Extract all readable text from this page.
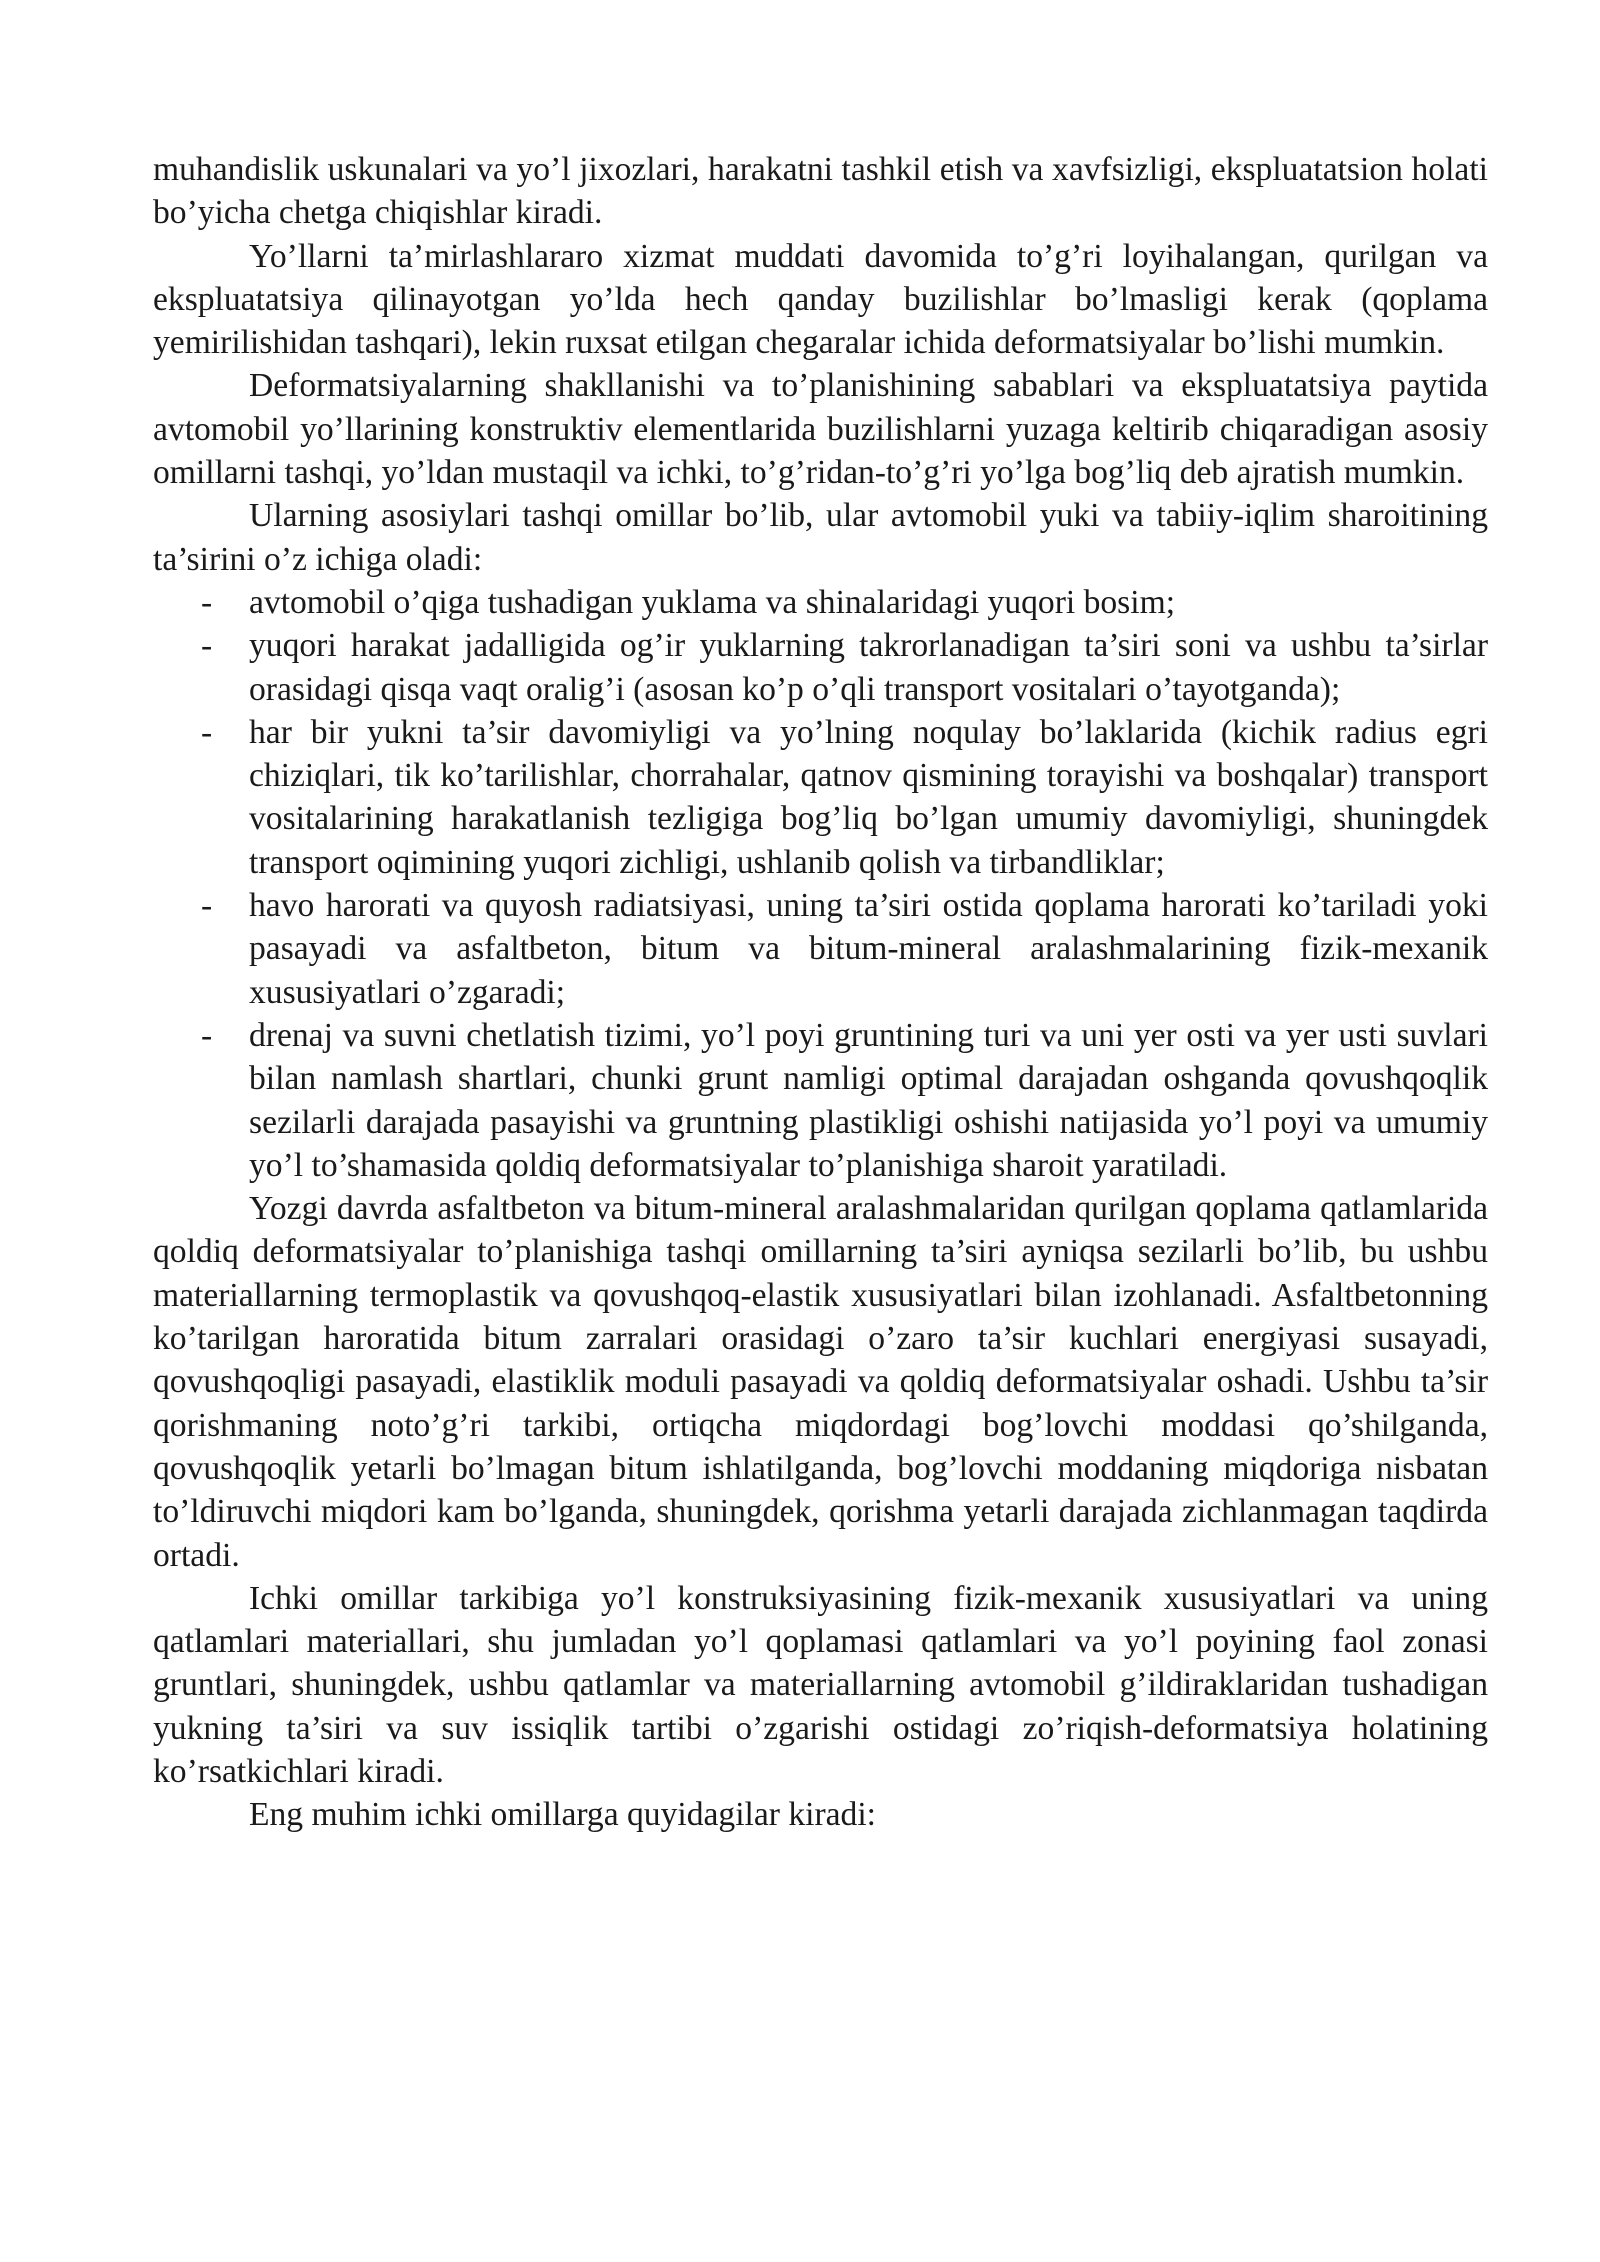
muhandislik uskunalari va yo’l jixozlari, harakatni tashkil etish va xavfsizligi, ekspluatatsion holati bo’yicha chetga chiqishlar kiradi.

Yo’llarni ta’mirlashlararo xizmat muddati davomida to’g’ri loyihalangan, qurilgan va ekspluatatsiya qilinayotgan yo’lda hech qanday buzilishlar bo’lmasligi kerak (qoplama yemirilishidan tashqari), lekin ruxsat etilgan chegaralar ichida deformatsiyalar bo’lishi mumkin.

Deformatsiyalarning shakllanishi va to’planishining sabablari va ekspluatatsiya paytida avtomobil yo’llarining konstruktiv elementlarida buzilishlarni yuzaga keltirib chiqaradigan asosiy omillarni tashqi, yo’ldan mustaqil va ichki, to’g’ridan-to’g’ri yo’lga bog’liq deb ajratish mumkin.

Ularning asosiylari tashqi omillar bo’lib, ular avtomobil yuki va tabiiy-iqlim sharoitining ta’sirini o’z ichiga oladi:

- avtomobil o’qiga tushadigan yuklama va shinalaridagi yuqori bosim;
- yuqori harakat jadalligida og’ir yuklarning takrorlanadigan ta’siri soni va ushbu ta’sirlar orasidagi qisqa vaqt oralig’i (asosan ko’p o’qli transport vositalari o’tayotganda);
- har bir yukni ta’sir davomiyligi va yo’lning noqulay bo’laklarida (kichik radius egri chiziqlari, tik ko’tarilishlar, chorrahalar, qatnov qismining torayishi va boshqalar) transport vositalarining harakatlanish tezligiga bog’liq bo’lgan umumiy davomiyligi, shuningdek transport oqimining yuqori zichligi, ushlanib qolish va tirbandliklar;
- havo harorati va quyosh radiatsiyasi, uning ta’siri ostida qoplama harorati ko’tariladi yoki pasayadi va asfaltbeton, bitum va bitum-mineral aralashmalarining fizik-mexanik xususiyatlari o’zgaradi;
- drenaj va suvni chetlatish tizimi, yo’l poyi gruntining turi va uni yer osti va yer usti suvlari bilan namlash shartlari, chunki grunt namligi optimal darajadan oshganda qovushqoqlik sezilarli darajada pasayishi va gruntning plastikligi oshishi natijasida yo’l poyi va umumiy yo’l to’shamasida qoldiq deformatsiyalar to’planishiga sharoit yaratiladi.

Yozgi davrda asfaltbeton va bitum-mineral aralashmalaridan qurilgan qoplama qatlamlarida qoldiq deformatsiyalar to’planishiga tashqi omillarning ta’siri ayniqsa sezilarli bo’lib, bu ushbu materiallarning termoplastik va qovushqoq-elastik xususiyatlari bilan izohlanadi. Asfaltbetonning ko’tarilgan haroratida bitum zarralari orasidagi o’zaro ta’sir kuchlari energiyasi susayadi, qovushqoqligi pasayadi, elastiklik moduli pasayadi va qoldiq deformatsiyalar oshadi. Ushbu ta’sir qorishmaning noto’g’ri tarkibi, ortiqcha miqdordagi bog’lovchi moddasi qo’shilganda, qovushqoqlik yetarli bo’lmagan bitum ishlatilganda, bog’lovchi moddaning miqdoriga nisbatan to’ldiruvchi miqdori kam bo’lganda, shuningdek, qorishma yetarli darajada zichlanmagan taqdirda ortadi.

Ichki omillar tarkibiga yo’l konstruksiyasining fizik-mexanik xususiyatlari va uning qatlamlari materiallari, shu jumladan yo’l qoplamasi qatlamlari va yo’l poyining faol zonasi gruntlari, shuningdek, ushbu qatlamlar va materiallarning avtomobil g’ildiraklaridan tushadigan yukning ta’siri va suv issiqlik tartibi o’zgarishi ostidagi zo’riqish-deformatsiya holatining ko’rsatkichlari kiradi.

Eng muhim ichki omillarga quyidagilar kiradi:
